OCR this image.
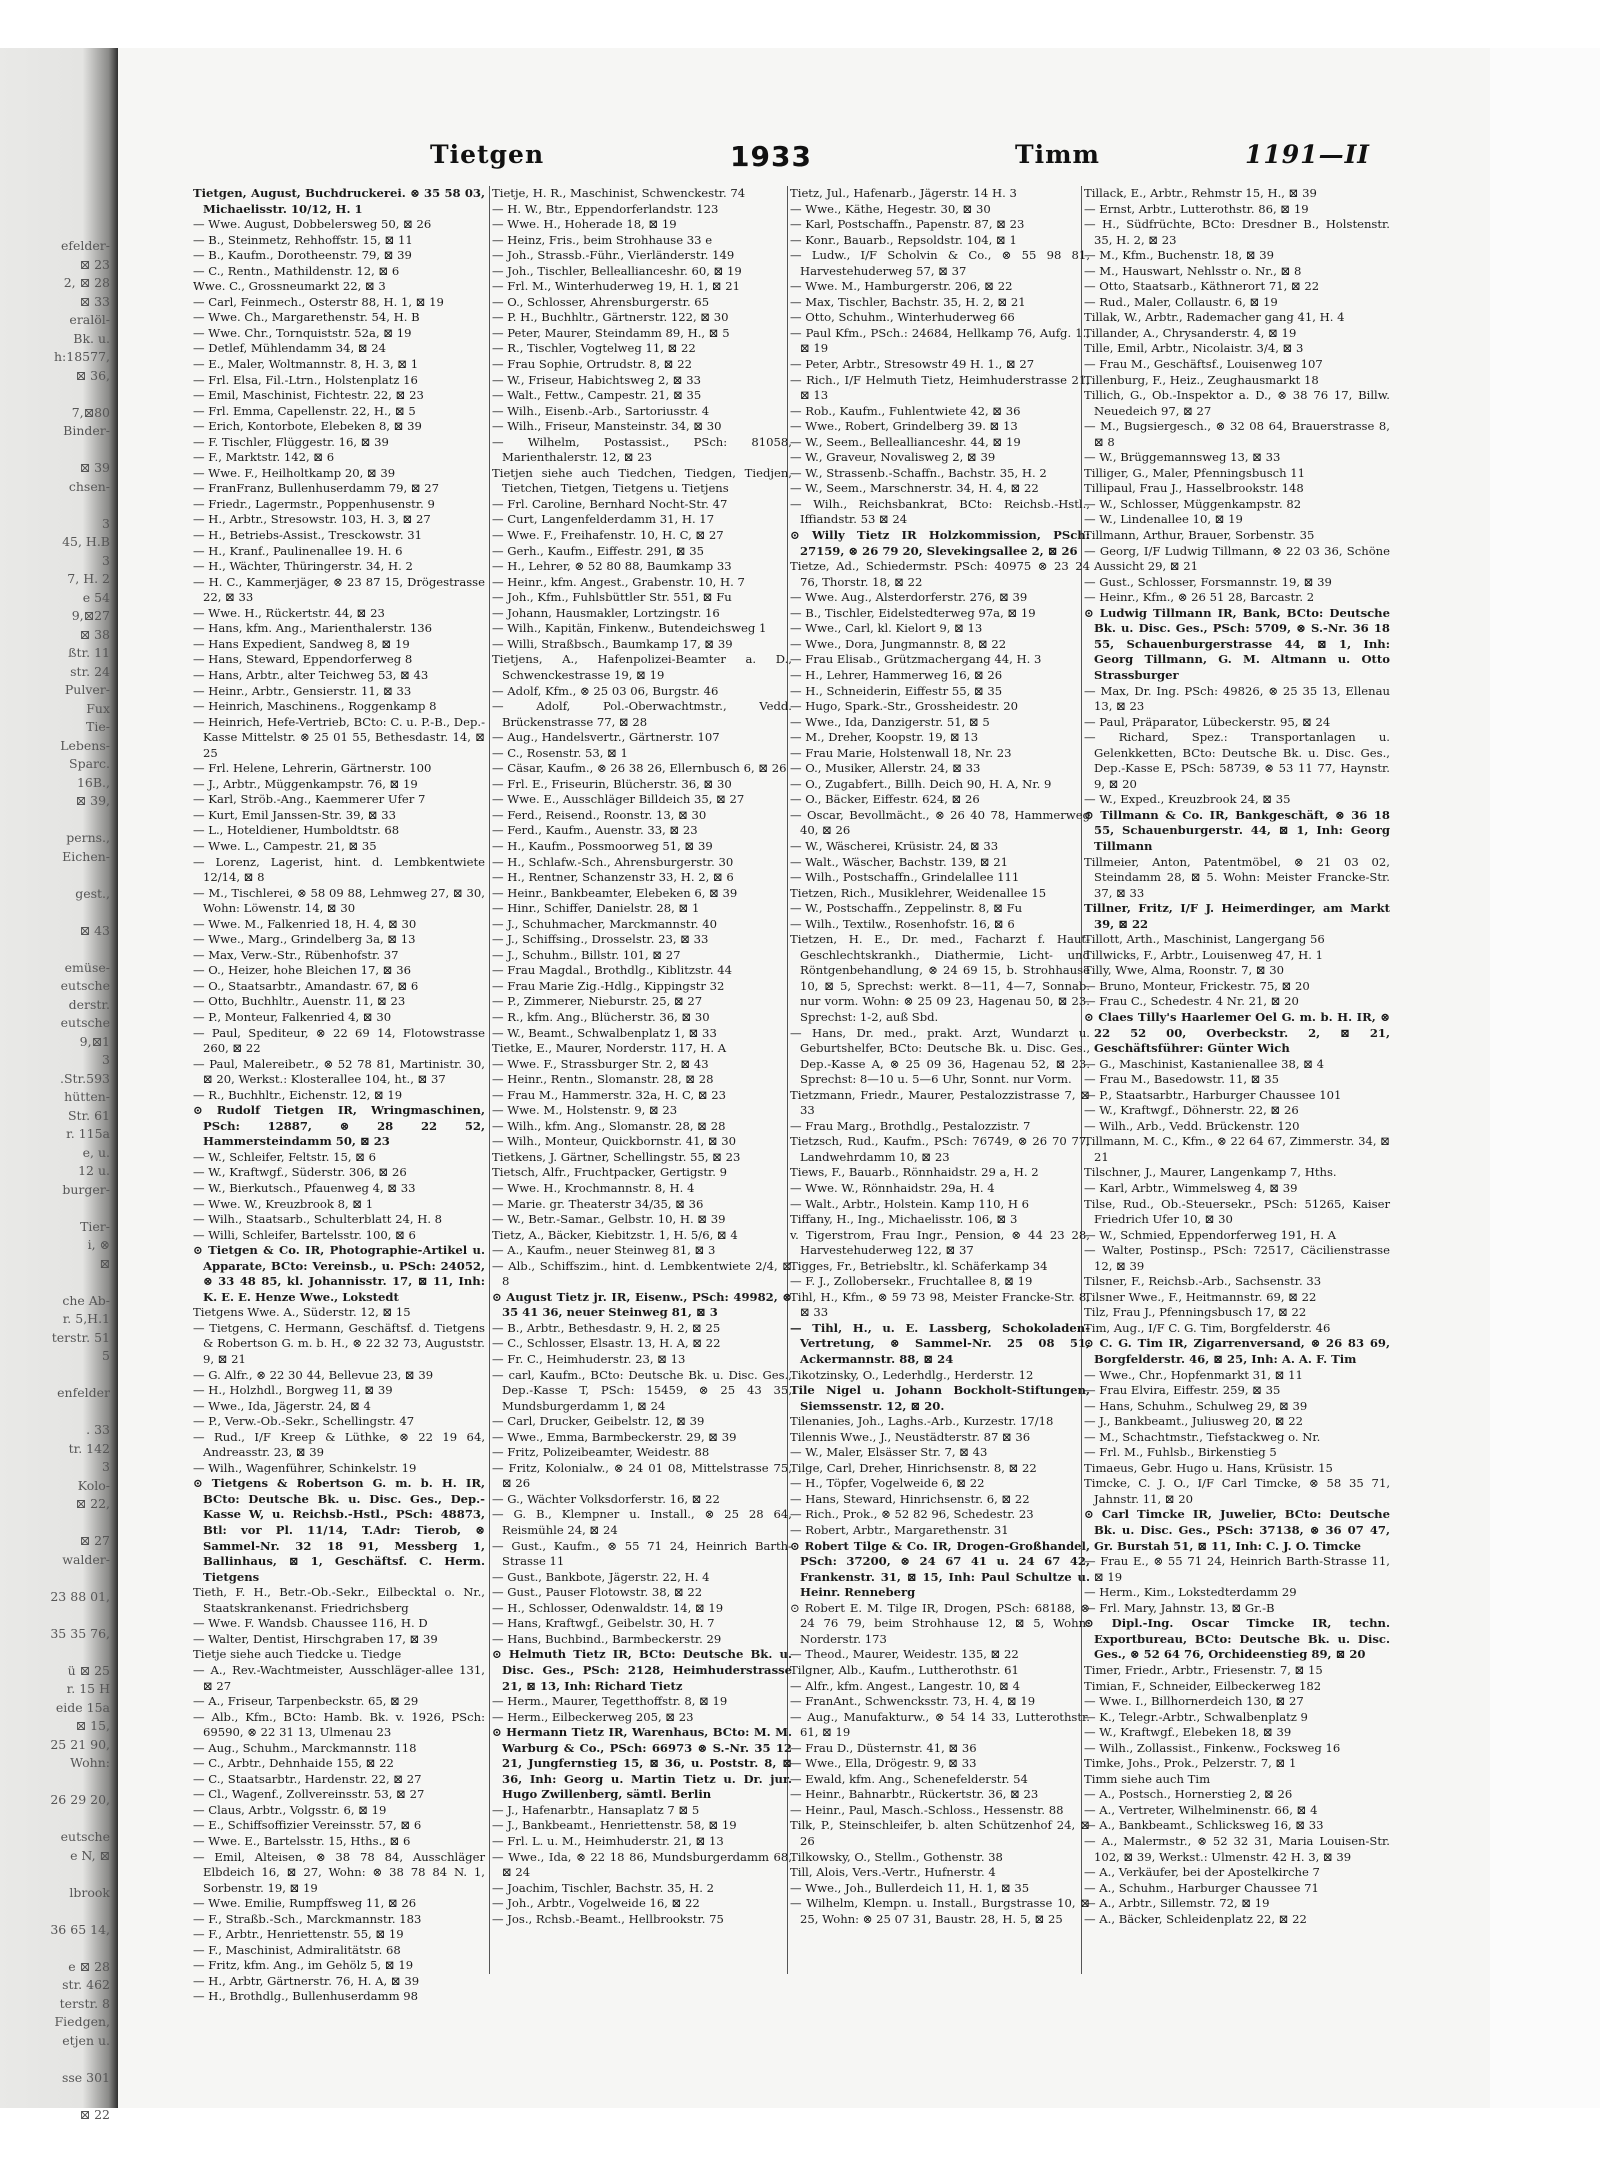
efelder-
⊠ 23
2, ⊠ 28
⊠ 33
eralöl-
Bk. u.
h:18577,
⊠ 36,
7,⊠80
Binder-
⊠ 39
chsen-
3
45, H.B
3
7, H. 2
e 54
9,⊠27
⊠ 38
ßtr. 11
str. 24
Pulver-
Fux
Tie-
Lebens-
Sparc.
16B.,
⊠ 39,
perns.,
Eichen-
gest.,
⊠ 43
emüse-
eutsche
derstr.
eutsche
9,⊠1
3
.Str.593
hütten-
Str. 61
r. 115a
e, u.
12 u.
burger-
Tier-
i, ⊗
⊠
che Ab-
r. 5,H.1
terstr. 51
5
enfelder
. 33
tr. 142
3
Kolo-
⊠ 22,
⊠ 27
walder-
23 88 01,
35 35 76,
ü ⊠ 25
r. 15 H
eide 15a
⊠ 15,
25 21 90,
Wohn:
26 29 20,
eutsche
e N, ⊠
lbrook
36 65 14,
e ⊠ 28
str. 462
terstr. 8
Fiedgen,
etjen u.
sse 301
⊠ 22
Tietgen	1933	Timm	1191—II
Tietgen, August, Buchdruckerei. ⊗ 35 58 03, Michaelisstr. 10/12, H. 1
— Wwe. August, Dobbelersweg 50, ⊠ 26
— B., Steinmetz, Rehhoffstr. 15, ⊠ 11
— B., Kaufm., Dorotheenstr. 79, ⊠ 39
— C., Rentn., Mathildenstr. 12, ⊠ 6
Wwe. C., Grossneumarkt 22, ⊠ 3
— Carl, Feinmech., Osterstr 88, H. 1, ⊠ 19
— Wwe. Ch., Margarethenstr. 54, H. B
— Wwe. Chr., Tornquiststr. 52a, ⊠ 19
— Detlef, Mühlendamm 34, ⊠ 24
— E., Maler, Woltmannstr. 8, H. 3, ⊠ 1
— Frl. Elsa, Fil.-Ltrn., Holstenplatz 16
— Emil, Maschinist, Fichtestr. 22, ⊠ 23
— Frl. Emma, Capellenstr. 22, H., ⊠ 5
— Erich, Kontorbote, Elebeken 8, ⊠ 39
— F. Tischler, Flüggestr. 16, ⊠ 39
— F., Marktstr. 142, ⊠ 6
— Wwe. F., Heilholtkamp 20, ⊠ 39
— FranFranz, Bullenhuserdamm 79, ⊠ 27
— Friedr., Lagermstr., Poppenhusenstr. 9
— H., Arbtr., Stresowstr. 103, H. 3, ⊠ 27
— H., Betriebs-Assist., Tresckowstr. 31
— H., Kranf., Paulinenallee 19. H. 6
— H., Wächter, Thüringerstr. 34, H. 2
— H. C., Kammerjäger, ⊗ 23 87 15, Drögestrasse 22, ⊠ 33
— Wwe. H., Rückertstr. 44, ⊠ 23
— Hans, kfm. Ang., Marienthalerstr. 136
— Hans Expedient, Sandweg 8, ⊠ 19
— Hans, Steward, Eppendorferweg 8
— Hans, Arbtr., alter Teichweg 53, ⊠ 43
— Heinr., Arbtr., Gensierstr. 11, ⊠ 33
— Heinrich, Maschinens., Roggenkamp 8
— Heinrich, Hefe-Vertrieb, BCto: C. u. P.-B., Dep.-Kasse Mittelstr. ⊗ 25 01 55, Bethesdastr. 14, ⊠ 25
— Frl. Helene, Lehrerin, Gärtnerstr. 100
— J., Arbtr., Müggenkampstr. 76, ⊠ 19
— Karl, Ströb.-Ang., Kaemmerer Ufer 7
— Kurt, Emil Janssen-Str. 39, ⊠ 33
— L., Hoteldiener, Humboldtstr. 68
— Wwe. L., Campestr. 21, ⊠ 35
— Lorenz, Lagerist, hint. d. Lembkentwiete 12/14, ⊠ 8
— M., Tischlerei, ⊗ 58 09 88, Lehmweg 27, ⊠ 30, Wohn: Löwenstr. 14, ⊠ 30
— Wwe. M., Falkenried 18, H. 4, ⊠ 30
— Wwe., Marg., Grindelberg 3a, ⊠ 13
— Max, Verw.-Str., Rübenhofstr. 37
— O., Heizer, hohe Bleichen 17, ⊠ 36
— O., Staatsarbtr., Amandastr. 67, ⊠ 6
— Otto, Buchhltr., Auenstr. 11, ⊠ 23
— P., Monteur, Falkenried 4, ⊠ 30
— Paul, Spediteur, ⊗ 22 69 14, Flotowstrasse 260, ⊠ 22
— Paul, Malereibetr., ⊗ 52 78 81, Martinistr. 30, ⊠ 20, Werkst.: Klosterallee 104, ht., ⊠ 37
— R., Buchhltr., Eichenstr. 12, ⊠ 19
⊙ Rudolf Tietgen IR, Wringmaschinen, PSch: 12887, ⊗ 28 22 52, Hammersteindamm 50, ⊠ 23
— W., Schleifer, Feltstr. 15, ⊠ 6
— W., Kraftwgf., Süderstr. 306, ⊠ 26
— W., Bierkutsch., Pfauenweg 4, ⊠ 33
— Wwe. W., Kreuzbrook 8, ⊠ 1
— Wilh., Staatsarb., Schulterblatt 24, H. 8
— Willi, Schleifer, Bartelsstr. 100, ⊠ 6
⊙ Tietgen & Co. IR, Photographie-Artikel u. Apparate, BCto: Vereinsb., u. PSch: 24052, ⊗ 33 48 85, kl. Johannisstr. 17, ⊠ 11, Inh: K. E. E. Henze Wwe., Lokstedt
Tietgens Wwe. A., Süderstr. 12, ⊠ 15
— Tietgens, C. Hermann, Geschäftsf. d. Tietgens & Robertson G. m. b. H., ⊗ 22 32 73, Auguststr. 9, ⊠ 21
— G. Alfr., ⊗ 22 30 44, Bellevue 23, ⊠ 39
— H., Holzhdl., Borgweg 11, ⊠ 39
— Wwe., Ida, Jägerstr. 24, ⊠ 4
— P., Verw.-Ob.-Sekr., Schellingstr. 47
— Rud., I/F Kreep & Lüthke, ⊗ 22 19 64, Andreasstr. 23, ⊠ 39
— Wilh., Wagenführer, Schinkelstr. 19
⊙ Tietgens & Robertson G. m. b. H. IR, BCto: Deutsche Bk. u. Disc. Ges., Dep.-Kasse W, u. Reichsb.-Hstl., PSch: 48873, Btl: vor Pl. 11/14, T.Adr: Tierob, ⊗ Sammel-Nr. 32 18 91, Messberg 1, Ballinhaus, ⊠ 1, Geschäftsf. C. Herm. Tietgens
Tieth, F. H., Betr.-Ob.-Sekr., Eilbecktal o. Nr., Staatskrankenanst. Friedrichsberg
— Wwe. F. Wandsb. Chaussee 116, H. D
— Walter, Dentist, Hirschgraben 17, ⊠ 39
Tietje siehe auch Tiedcke u. Tiedge
— A., Rev.-Wachtmeister, Ausschläger-allee 131, ⊠ 27
— A., Friseur, Tarpenbeckstr. 65, ⊠ 29
— Alb., Kfm., BCto: Hamb. Bk. v. 1926, PSch: 69590, ⊗ 22 31 13, Ulmenau 23
— Aug., Schuhm., Marckmannstr. 118
— C., Arbtr., Dehnhaide 155, ⊠ 22
— C., Staatsarbtr., Hardenstr. 22, ⊠ 27
— Cl., Wagenf., Zollvereinsstr. 53, ⊠ 27
— Claus, Arbtr., Volgsstr. 6, ⊠ 19
— E., Schiffsoffizier Vereinsstr. 57, ⊠ 6
— Wwe. E., Bartelsstr. 15, Hths., ⊠ 6
— Emil, Alteisen, ⊗ 38 78 84, Ausschläger Elbdeich 16, ⊠ 27, Wohn: ⊗ 38 78 84 N. 1, Sorbenstr. 19, ⊠ 19
— Wwe. Emilie, Rumpffsweg 11, ⊠ 26
— F., Straßb.-Sch., Marckmannstr. 183
— F., Arbtr., Henriettenstr. 55, ⊠ 19
— F., Maschinist, Admiralitätstr. 68
— Fritz, kfm. Ang., im Gehölz 5, ⊠ 19
— H., Arbtr, Gärtnerstr. 76, H. A, ⊠ 39
— H., Brothdlg., Bullenhuserdamm 98
Tietje, H. R., Maschinist, Schwenckestr. 74
— H. W., Btr., Eppendorferlandstr. 123
— Wwe. H., Hoherade 18, ⊠ 19
— Heinz, Fris., beim Strohhause 33 e
— Joh., Strassb.-Führ., Vierländerstr. 149
— Joh., Tischler, Belleallianceshr. 60, ⊠ 19
— Frl. M., Winterhuderweg 19, H. 1, ⊠ 21
— O., Schlosser, Ahrensburgerstr. 65
— P. H., Buchhltr., Gärtnerstr. 122, ⊠ 30
— Peter, Maurer, Steindamm 89, H., ⊠ 5
— R., Tischler, Vogtelweg 11, ⊠ 22
— Frau Sophie, Ortrudstr. 8, ⊠ 22
— W., Friseur, Habichtsweg 2, ⊠ 33
— Walt., Fettw., Campestr. 21, ⊠ 35
— Wilh., Eisenb.-Arb., Sartoriusstr. 4
— Wilh., Friseur, Mansteinstr. 34, ⊠ 30
— Wilhelm, Postassist., PSch: 81058, Marienthalerstr. 12, ⊠ 23
Tietjen siehe auch Tiedchen, Tiedgen, Tiedjen, Tietchen, Tietgen, Tietgens u. Tietjens
— Frl. Caroline, Bernhard Nocht-Str. 47
— Curt, Langenfelderdamm 31, H. 17
— Wwe. F., Freihafenstr. 10, H. C, ⊠ 27
— Gerh., Kaufm., Eiffestr. 291, ⊠ 35
— H., Lehrer, ⊗ 52 80 88, Baumkamp 33
— Heinr., kfm. Angest., Grabenstr. 10, H. 7
— Joh., Kfm., Fuhlsbüttler Str. 551, ⊠ Fu
— Johann, Hausmakler, Lortzingstr. 16
— Wilh., Kapitän, Finkenw., Butendeichsweg 1
— Willi, Straßbsch., Baumkamp 17, ⊠ 39
Tietjens, A., Hafenpolizei-Beamter a. D., Schwenckestrasse 19, ⊠ 19
— Adolf, Kfm., ⊗ 25 03 06, Burgstr. 46
— Adolf, Pol.-Oberwachtmstr., Vedd. Brückenstrasse 77, ⊠ 28
— Aug., Handelsvertr., Gärtnerstr. 107
— C., Rosenstr. 53, ⊠ 1
— Cäsar, Kaufm., ⊗ 26 38 26, Ellernbusch 6, ⊠ 26
— Frl. E., Friseurin, Blücherstr. 36, ⊠ 30
— Wwe. E., Ausschläger Billdeich 35, ⊠ 27
— Ferd., Reisend., Roonstr. 13, ⊠ 30
— Ferd., Kaufm., Auenstr. 33, ⊠ 23
— H., Kaufm., Possmoorweg 51, ⊠ 39
— H., Schlafw.-Sch., Ahrensburgerstr. 30
— H., Rentner, Schanzenstr 33, H. 2, ⊠ 6
— Heinr., Bankbeamter, Elebeken 6, ⊠ 39
— Hinr., Schiffer, Danielstr. 28, ⊠ 1
— J., Schuhmacher, Marckmannstr. 40
— J., Schiffsing., Drosselstr. 23, ⊠ 33
— J., Schuhm., Billstr. 101, ⊠ 27
— Frau Magdal., Brothdlg., Kiblitzstr. 44
— Frau Marie Zig.-Hdlg., Kippingstr 32
— P., Zimmerer, Nieburstr. 25, ⊠ 27
— R., kfm. Ang., Blücherstr. 36, ⊠ 30
— W., Beamt., Schwalbenplatz 1, ⊠ 33
Tietke, E., Maurer, Norderstr. 117, H. A
— Wwe. F., Strassburger Str. 2, ⊠ 43
— Heinr., Rentn., Slomanstr. 28, ⊠ 28
— Frau M., Hammerstr. 32a, H. C, ⊠ 23
— Wwe. M., Holstenstr. 9, ⊠ 23
— Wilh., kfm. Ang., Slomanstr. 28, ⊠ 28
— Wilh., Monteur, Quickbornstr. 41, ⊠ 30
Tietkens, J. Gärtner, Schellingstr. 55, ⊠ 23
Tietsch, Alfr., Fruchtpacker, Gertigstr. 9
— Wwe. H., Krochmannstr. 8, H. 4
— Marie. gr. Theaterstr 34/35, ⊠ 36
— W., Betr.-Samar., Gelbstr. 10, H. ⊠ 39
Tietz, A., Bäcker, Kiebitzstr. 1, H. 5/6, ⊠ 4
— A., Kaufm., neuer Steinweg 81, ⊠ 3
— Alb., Schiffszim., hint. d. Lembkentwiete 2/4, ⊠ 8
⊙ August Tietz jr. IR, Eisenw., PSch: 49982, ⊗ 35 41 36, neuer Steinweg 81, ⊠ 3
— B., Arbtr., Bethesdastr. 9, H. 2, ⊠ 25
— C., Schlosser, Elsastr. 13, H. A, ⊠ 22
— Fr. C., Heimhuderstr. 23, ⊠ 13
— carl, Kaufm., BCto: Deutsche Bk. u. Disc. Ges., Dep.-Kasse T, PSch: 15459, ⊗ 25 43 35, Mundsburgerdamm 1, ⊠ 24
— Carl, Drucker, Geibelstr. 12, ⊠ 39
— Wwe., Emma, Barmbeckerstr. 29, ⊠ 39
— Fritz, Polizeibeamter, Weidestr. 88
— Fritz, Kolonialw., ⊗ 24 01 08, Mittelstrasse 75, ⊠ 26
— G., Wächter Volksdorferstr. 16, ⊠ 22
— G. B., Klempner u. Install., ⊗ 25 28 64, Reismühle 24, ⊠ 24
— Gust., Kaufm., ⊗ 55 71 24, Heinrich Barth-Strasse 11
— Gust., Bankbote, Jägerstr. 22, H. 4
— Gust., Pauser Flotowstr. 38, ⊠ 22
— H., Schlosser, Odenwaldstr. 14, ⊠ 19
— Hans, Kraftwgf., Geibelstr. 30, H. 7
— Hans, Buchbind., Barmbeckerstr. 29
⊙ Helmuth Tietz IR, BCto: Deutsche Bk. u. Disc. Ges., PSch: 2128, Heimhuderstrasse 21, ⊠ 13, Inh: Richard Tietz
— Herm., Maurer, Tegetthoffstr. 8, ⊠ 19
— Herm., Eilbeckerweg 205, ⊠ 23
⊙ Hermann Tietz IR, Warenhaus, BCto: M. M. Warburg & Co., PSch: 66973 ⊗ S.-Nr. 35 12 21, Jungfernstieg 15, ⊠ 36, u. Poststr. 8, ⊠ 36, Inh: Georg u. Martin Tietz u. Dr. jur. Hugo Zwillenberg, sämtl. Berlin
— J., Hafenarbtr., Hansaplatz 7 ⊠ 5
— J., Bankbeamt., Henriettenstr. 58, ⊠ 19
— Frl. L. u. M., Heimhuderstr. 21, ⊠ 13
— Wwe., Ida, ⊗ 22 18 86, Mundsburgerdamm 68, ⊠ 24
— Joachim, Tischler, Bachstr. 35, H. 2
— Joh., Arbtr., Vogelweide 16, ⊠ 22
— Jos., Rchsb.-Beamt., Hellbrookstr. 75
Tietz, Jul., Hafenarb., Jägerstr. 14 H. 3
— Wwe., Käthe, Hegestr. 30, ⊠ 30
— Karl, Postschaffn., Papenstr. 87, ⊠ 23
— Konr., Bauarb., Repsoldstr. 104, ⊠ 1
— Ludw., I/F Scholvin & Co., ⊗ 55 98 81, Harvestehuderweg 57, ⊠ 37
— Wwe. M., Hamburgerstr. 206, ⊠ 22
— Max, Tischler, Bachstr. 35, H. 2, ⊠ 21
— Otto, Schuhm., Winterhuderweg 66
— Paul Kfm., PSch.: 24684, Hellkamp 76, Aufg. 1., ⊠ 19
— Peter, Arbtr., Stresowstr 49 H. 1., ⊠ 27
— Rich., I/F Helmuth Tietz, Heimhuderstrasse 21, ⊠ 13
— Rob., Kaufm., Fuhlentwiete 42, ⊠ 36
— Wwe., Robert, Grindelberg 39. ⊠ 13
— W., Seem., Belleallianceshr. 44, ⊠ 19
— W., Graveur, Novalisweg 2, ⊠ 39
— W., Strassenb.-Schaffn., Bachstr. 35, H. 2
— W., Seem., Marschnerstr. 34, H. 4, ⊠ 22
— Wilh., Reichsbankrat, BCto: Reichsb.-Hstl., Iffiandstr. 53 ⊠ 24
⊙ Willy Tietz IR Holzkommission, PSch: 27159, ⊗ 26 79 20, Slevekingsallee 2, ⊠ 26
Tietze, Ad., Schiedermstr. PSch: 40975 ⊗ 23 24 76, Thorstr. 18, ⊠ 22
— Wwe. Aug., Alsterdorferstr. 276, ⊠ 39
— B., Tischler, Eidelstedterweg 97a, ⊠ 19
— Wwe., Carl, kl. Kielort 9, ⊠ 13
— Wwe., Dora, Jungmannstr. 8, ⊠ 22
— Frau Elisab., Grützmachergang 44, H. 3
— H., Lehrer, Hammerweg 16, ⊠ 26
— H., Schneiderin, Eiffestr 55, ⊠ 35
— Hugo, Spark.-Str., Grossheidestr. 20
— Wwe., Ida, Danzigerstr. 51, ⊠ 5
— M., Dreher, Koopstr. 19, ⊠ 13
— Frau Marie, Holstenwall 18, Nr. 23
— O., Musiker, Allerstr. 24, ⊠ 33
— O., Zugabfert., Billh. Deich 90, H. A, Nr. 9
— O., Bäcker, Eiffestr. 624, ⊠ 26
— Oscar, Bevollmächt., ⊗ 26 40 78, Hammerweg 40, ⊠ 26
— W., Wäscherei, Krüsistr. 24, ⊠ 33
— Walt., Wäscher, Bachstr. 139, ⊠ 21
— Wilh., Postschaffn., Grindelallee 111
Tietzen, Rich., Musiklehrer, Weidenallee 15
— W., Postschaffn., Zeppelinstr. 8, ⊠ Fu
— Wilh., Textilw., Rosenhofstr. 16, ⊠ 6
Tietzen, H. E., Dr. med., Facharzt f. Haut-Geschlechtskrankh., Diathermie, Licht- und Röntgenbehandlung, ⊗ 24 69 15, b. Strohhause 10, ⊠ 5, Sprechst: werkt. 8—11, 4—7, Sonnab. nur vorm. Wohn: ⊗ 25 09 23, Hagenau 50, ⊠ 23. Sprechst: 1-2, auß Sbd.
— Hans, Dr. med., prakt. Arzt, Wundarzt u. Geburtshelfer, BCto: Deutsche Bk. u. Disc. Ges., Dep.-Kasse A, ⊗ 25 09 36, Hagenau 52, ⊠ 23. Sprechst: 8—10 u. 5—6 Uhr, Sonnt. nur Vorm.
Tietzmann, Friedr., Maurer, Pestalozzistrasse 7, ⊠ 33
— Frau Marg., Brothdlg., Pestalozzistr. 7
Tietzsch, Rud., Kaufm., PSch: 76749, ⊗ 26 70 77, Landwehrdamm 10, ⊠ 23
Tiews, F., Bauarb., Rönnhaidstr. 29 a, H. 2
— Wwe. W., Rönnhaidstr. 29a, H. 4
— Walt., Arbtr., Holstein. Kamp 110, H 6
Tiffany, H., Ing., Michaelisstr. 106, ⊠ 3
v. Tigerstrom, Frau Ingr., Pension, ⊗ 44 23 28, Harvestehuderweg 122, ⊠ 37
Tigges, Fr., Betriebsltr., kl. Schäferkamp 34
— F. J., Zollobersekr., Fruchtallee 8, ⊠ 19
Tihl, H., Kfm., ⊗ 59 73 98, Meister Francke-Str. 8, ⊠ 33
— Tihl, H., u. E. Lassberg, Schokoladen-Vertretung, ⊗ Sammel-Nr. 25 08 51, Ackermannstr. 88, ⊠ 24
Tikotzinsky, O., Lederhdlg., Herderstr. 12
Tile Nigel u. Johann Bockholt-Stiftungen, Siemssenstr. 12, ⊠ 20.
Tilenanies, Joh., Laghs.-Arb., Kurzestr. 17/18
Tilennis Wwe., J., Neustädterstr. 87 ⊠ 36
— W., Maler, Elsässer Str. 7, ⊠ 43
Tilge, Carl, Dreher, Hinrichsenstr. 8, ⊠ 22
— H., Töpfer, Vogelweide 6, ⊠ 22
— Hans, Steward, Hinrichsenstr. 6, ⊠ 22
— Rich., Prok., ⊗ 52 82 96, Schedestr. 23
— Robert, Arbtr., Margarethenstr. 31
⊙ Robert Tilge & Co. IR, Drogen-Großhandel, PSch: 37200, ⊗ 24 67 41 u. 24 67 42, Frankenstr. 31, ⊠ 15, Inh: Paul Schultze u. Heinr. Renneberg
⊙ Robert E. M. Tilge IR, Drogen, PSch: 68188, ⊗ 24 76 79, beim Strohhause 12, ⊠ 5, Wohn: Norderstr. 173
— Theod., Maurer, Weidestr. 135, ⊠ 22
Tilgner, Alb., Kaufm., Luttherothstr. 61
— Alfr., kfm. Angest., Langestr. 10, ⊠ 4
— FranAnt., Schwencksstr. 73, H. 4, ⊠ 19
— Aug., Manufakturw., ⊗ 54 14 33, Lutterothstr. 61, ⊠ 19
— Frau D., Düsternstr. 41, ⊠ 36
— Wwe., Ella, Drögestr. 9, ⊠ 33
— Ewald, kfm. Ang., Schenefelderstr. 54
— Heinr., Bahnarbtr., Rückertstr. 36, ⊠ 23
— Heinr., Paul, Masch.-Schloss., Hessenstr. 88
Tilk, P., Steinschleifer, b. alten Schützenhof 24, ⊠ 26
Tilkowsky, O., Stellm., Gothenstr. 38
Till, Alois, Vers.-Vertr., Hufnerstr. 4
— Wwe., Joh., Bullerdeich 11, H. 1, ⊠ 35
— Wilhelm, Klempn. u. Install., Burgstrasse 10, ⊠ 25, Wohn: ⊗ 25 07 31, Baustr. 28, H. 5, ⊠ 25
Tillack, E., Arbtr., Rehmstr 15, H., ⊠ 39
— Ernst, Arbtr., Lutterothstr. 86, ⊠ 19
— H., Südfrüchte, BCto: Dresdner B., Holstenstr. 35, H. 2, ⊠ 23
— M., Kfm., Buchenstr. 18, ⊠ 39
— M., Hauswart, Nehlsstr o. Nr., ⊠ 8
— Otto, Staatsarb., Käthnerort 71, ⊠ 22
— Rud., Maler, Collaustr. 6, ⊠ 19
Tillak, W., Arbtr., Rademacher gang 41, H. 4
Tillander, A., Chrysanderstr. 4, ⊠ 19
Tille, Emil, Arbtr., Nicolaistr. 3/4, ⊠ 3
— Frau M., Geschäftsf., Louisenweg 107
Tillenburg, F., Heiz., Zeughausmarkt 18
Tillich, G., Ob.-Inspektor a. D., ⊗ 38 76 17, Billw. Neuedeich 97, ⊠ 27
— M., Bugsiergesch., ⊗ 32 08 64, Brauerstrasse 8, ⊠ 8
— W., Brüggemannsweg 13, ⊠ 33
Tilliger, G., Maler, Pfenningsbusch 11
Tillipaul, Frau J., Hasselbrookstr. 148
— W., Schlosser, Müggenkampstr. 82
— W., Lindenallee 10, ⊠ 19
Tillmann, Arthur, Brauer, Sorbenstr. 35
— Georg, I/F Ludwig Tillmann, ⊗ 22 03 36, Schöne Aussicht 29, ⊠ 21
— Gust., Schlosser, Forsmannstr. 19, ⊠ 39
— Heinr., Kfm., ⊗ 26 51 28, Barcastr. 2
⊙ Ludwig Tillmann IR, Bank, BCto: Deutsche Bk. u. Disc. Ges., PSch: 5709, ⊗ S.-Nr. 36 18 55, Schauenburgerstrasse 44, ⊠ 1, Inh: Georg Tillmann, G. M. Altmann u. Otto Strassburger
— Max, Dr. Ing. PSch: 49826, ⊗ 25 35 13, Ellenau 13, ⊠ 23
— Paul, Präparator, Lübeckerstr. 95, ⊠ 24
— Richard, Spez.: Transportanlagen u. Gelenkketten, BCto: Deutsche Bk. u. Disc. Ges., Dep.-Kasse E, PSch: 58739, ⊗ 53 11 77, Haynstr. 9, ⊠ 20
— W., Exped., Kreuzbrook 24, ⊠ 35
⊙ Tillmann & Co. IR, Bankgeschäft, ⊗ 36 18 55, Schauenburgerstr. 44, ⊠ 1, Inh: Georg Tillmann
Tillmeier, Anton, Patentmöbel, ⊗ 21 03 02, Steindamm 28, ⊠ 5. Wohn: Meister Francke-Str. 37, ⊠ 33
Tillner, Fritz, I/F J. Heimerdinger, am Markt 39, ⊠ 22
Tillott, Arth., Maschinist, Langergang 56
Tillwicks, F., Arbtr., Louisenweg 47, H. 1
Tilly, Wwe, Alma, Roonstr. 7, ⊠ 30
— Bruno, Monteur, Frickestr. 75, ⊠ 20
— Frau C., Schedestr. 4 Nr. 21, ⊠ 20
⊙ Claes Tilly's Haarlemer Oel G. m. b. H. IR, ⊗ 22 52 00, Overbeckstr. 2, ⊠ 21, Geschäftsführer: Günter Wich
— G., Maschinist, Kastanienallee 38, ⊠ 4
— Frau M., Basedowstr. 11, ⊠ 35
— P., Staatsarbtr., Harburger Chaussee 101
— W., Kraftwgf., Döhnerstr. 22, ⊠ 26
— Wilh., Arb., Vedd. Brückenstr. 120
Tillmann, M. C., Kfm., ⊗ 22 64 67, Zimmerstr. 34, ⊠ 21
Tilschner, J., Maurer, Langenkamp 7, Hths.
— Karl, Arbtr., Wimmelsweg 4, ⊠ 39
Tilse, Rud., Ob.-Steuersekr., PSch: 51265, Kaiser Friedrich Ufer 10, ⊠ 30
— W., Schmied, Eppendorferweg 191, H. A
— Walter, Postinsp., PSch: 72517, Cäcilienstrasse 12, ⊠ 39
Tilsner, F., Reichsb.-Arb., Sachsenstr. 33
Tilsner Wwe., F., Heitmannstr. 69, ⊠ 22
Tilz, Frau J., Pfenningsbusch 17, ⊠ 22
Tim, Aug., I/F C. G. Tim, Borgfelderstr. 46
⊙ C. G. Tim IR, Zigarrenversand, ⊗ 26 83 69, Borgfelderstr. 46, ⊠ 25, Inh: A. A. F. Tim
— Wwe., Chr., Hopfenmarkt 31, ⊠ 11
— Frau Elvira, Eiffestr. 259, ⊠ 35
— Hans, Schuhm., Schulweg 29, ⊠ 39
— J., Bankbeamt., Juliusweg 20, ⊠ 22
— M., Schachtmstr., Tiefstackweg o. Nr.
— Frl. M., Fuhlsb., Birkenstieg 5
Timaeus, Gebr. Hugo u. Hans, Krüsistr. 15
Timcke, C. J. O., I/F Carl Timcke, ⊗ 58 35 71, Jahnstr. 11, ⊠ 20
⊙ Carl Timcke IR, Juwelier, BCto: Deutsche Bk. u. Disc. Ges., PSch: 37138, ⊗ 36 07 47, Gr. Burstah 51, ⊠ 11, Inh: C. J. O. Timcke
— Frau E., ⊗ 55 71 24, Heinrich Barth-Strasse 11, ⊠ 19
— Herm., Kim., Lokstedterdamm 29
— Frl. Mary, Jahnstr. 13, ⊠ Gr.-B
⊙ Dipl.-Ing. Oscar Timcke IR, techn. Exportbureau, BCto: Deutsche Bk. u. Disc. Ges., ⊗ 52 64 76, Orchideenstieg 89, ⊠ 20
Timer, Friedr., Arbtr., Friesenstr. 7, ⊠ 15
Timian, F., Schneider, Eilbeckerweg 182
— Wwe. I., Billhornerdeich 130, ⊠ 27
— K., Telegr.-Arbtr., Schwalbenplatz 9
— W., Kraftwgf., Elebeken 18, ⊠ 39
— Wilh., Zollassist., Finkenw., Focksweg 16
Timke, Johs., Prok., Pelzerstr. 7, ⊠ 1
Timm siehe auch Tim
— A., Postsch., Hornerstieg 2, ⊠ 26
— A., Vertreter, Wilhelminenstr. 66, ⊠ 4
— A., Bankbeamt., Schlicksweg 16, ⊠ 33
— A., Malermstr., ⊗ 52 32 31, Maria Louisen-Str. 102, ⊠ 39, Werkst.: Ulmenstr. 42 H. 3, ⊠ 39
— A., Verkäufer, bei der Apostelkirche 7
— A., Schuhm., Harburger Chaussee 71
— A., Arbtr., Sillemstr. 72, ⊠ 19
— A., Bäcker, Schleidenplatz 22, ⊠ 22
